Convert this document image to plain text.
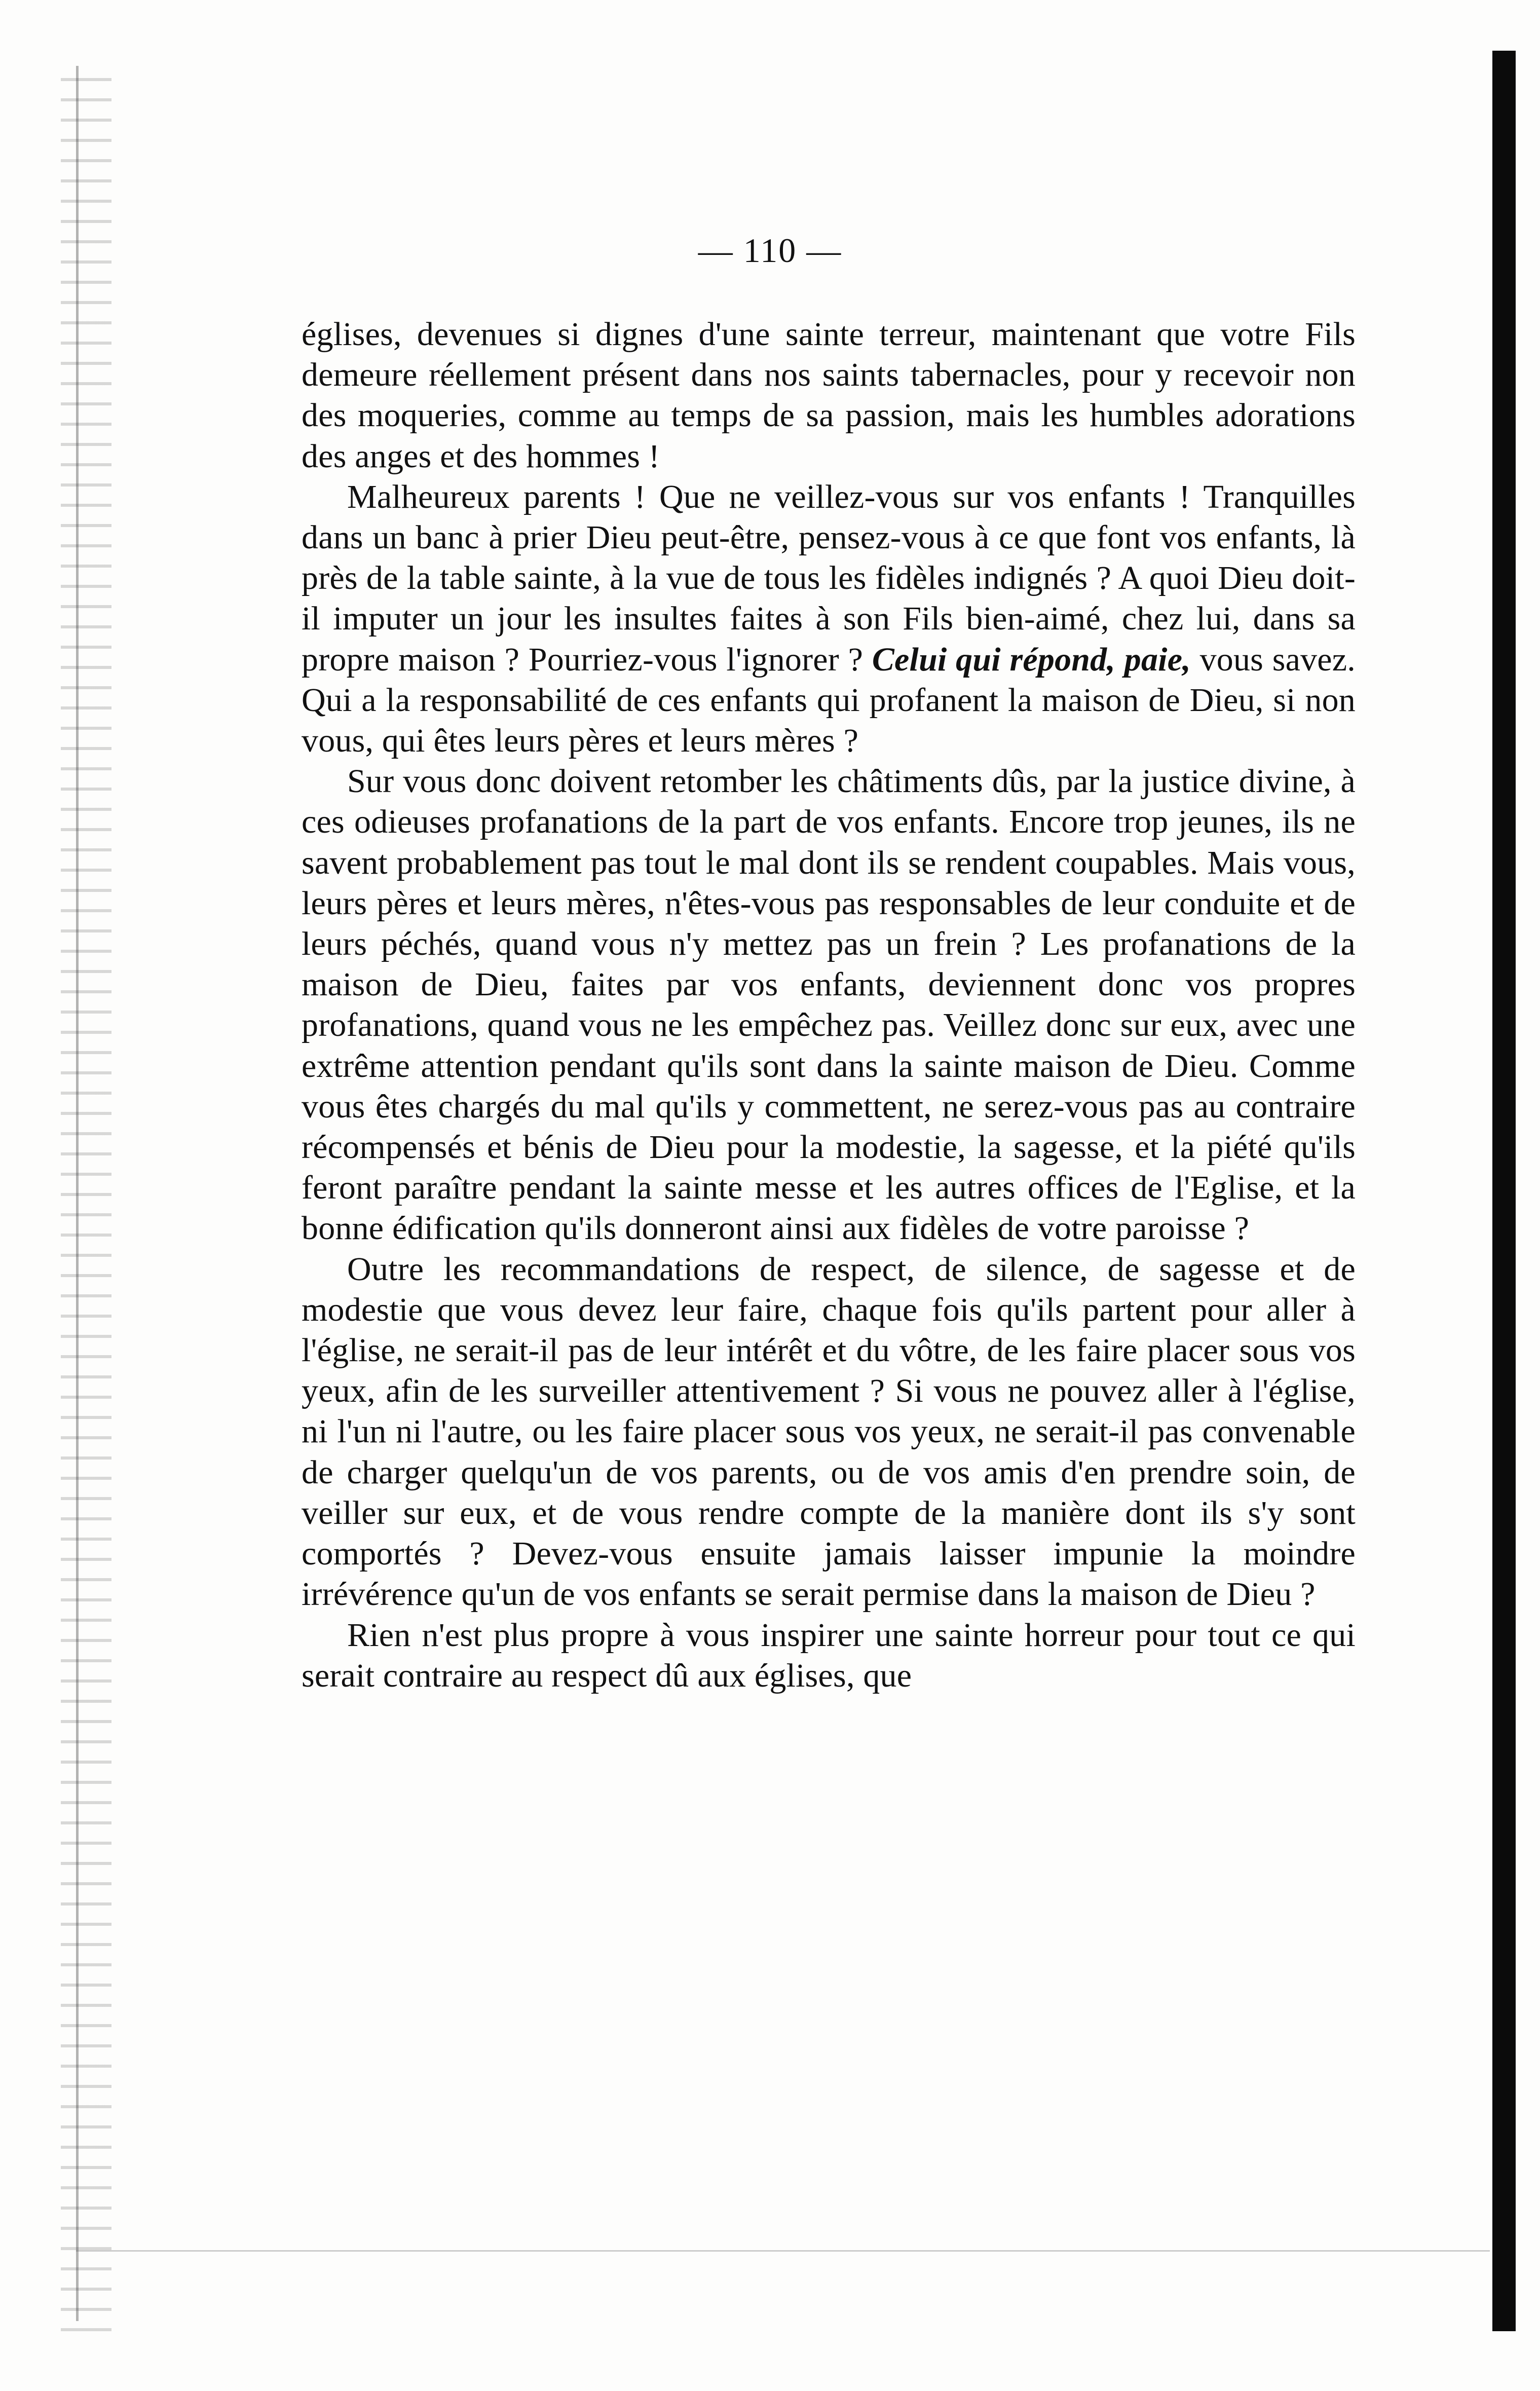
— 110 —

églises, devenues si dignes d'une sainte terreur, maintenant que votre Fils demeure réellement présent dans nos saints tabernacles, pour y recevoir non des moqueries, comme au temps de sa passion, mais les humbles adorations des anges et des hommes !

Malheureux parents ! Que ne veillez-vous sur vos enfants ! Tranquilles dans un banc à prier Dieu peut-être, pensez-vous à ce que font vos enfants, là près de la table sainte, à la vue de tous les fidèles indignés ? A quoi Dieu doit-il imputer un jour les insultes faites à son Fils bien-aimé, chez lui, dans sa propre maison ? Pourriez-vous l'ignorer ? Celui qui répond, paie, vous savez. Qui a la responsabilité de ces enfants qui profanent la maison de Dieu, si non vous, qui êtes leurs pères et leurs mères ?

Sur vous donc doivent retomber les châtiments dûs, par la justice divine, à ces odieuses profanations de la part de vos enfants. Encore trop jeunes, ils ne savent probablement pas tout le mal dont ils se rendent coupables. Mais vous, leurs pères et leurs mères, n'êtes-vous pas responsables de leur conduite et de leurs péchés, quand vous n'y mettez pas un frein ? Les profanations de la maison de Dieu, faites par vos enfants, deviennent donc vos propres profanations, quand vous ne les empêchez pas. Veillez donc sur eux, avec une extrême attention pendant qu'ils sont dans la sainte maison de Dieu. Comme vous êtes chargés du mal qu'ils y commettent, ne serez-vous pas au contraire récompensés et bénis de Dieu pour la modestie, la sagesse, et la piété qu'ils feront paraître pendant la sainte messe et les autres offices de l'Eglise, et la bonne édification qu'ils donneront ainsi aux fidèles de votre paroisse ?

Outre les recommandations de respect, de silence, de sagesse et de modestie que vous devez leur faire, chaque fois qu'ils partent pour aller à l'église, ne serait-il pas de leur intérêt et du vôtre, de les faire placer sous vos yeux, afin de les surveiller attentivement ? Si vous ne pouvez aller à l'église, ni l'un ni l'autre, ou les faire placer sous vos yeux, ne serait-il pas convenable de charger quelqu'un de vos parents, ou de vos amis d'en prendre soin, de veiller sur eux, et de vous rendre compte de la manière dont ils s'y sont comportés ? Devez-vous ensuite jamais laisser impunie la moindre irrévérence qu'un de vos enfants se serait permise dans la maison de Dieu ?

Rien n'est plus propre à vous inspirer une sainte horreur pour tout ce qui serait contraire au respect dû aux églises, que
